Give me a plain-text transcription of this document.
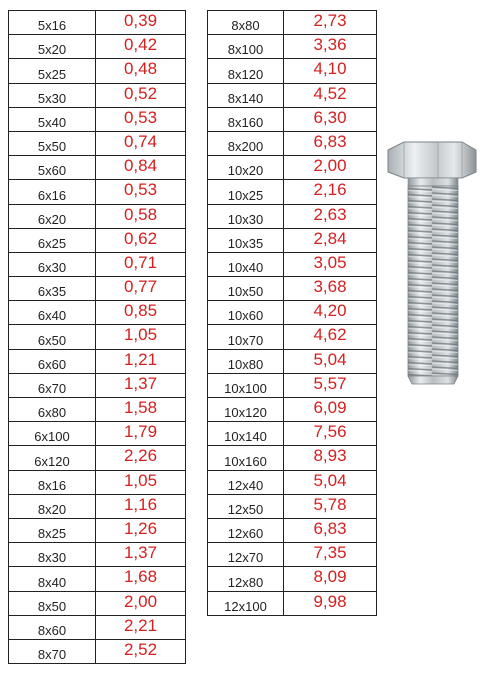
5x16	0,39
5x20	0,42
5x25	0,48
5x30	0,52
5x40	0,53
5x50	0,74
5x60	0,84
6x16	0,53
6x20	0,58
6x25	0,62
6x30	0,71
6x35	0,77
6x40	0,85
6x50	1,05
6x60	1,21
6x70	1,37
6x80	1,58
6x100	1,79
6x120	2,26
8x16	1,05
8x20	1,16
8x25	1,26
8x30	1,37
8x40	1,68
8x50	2,00
8x60	2,21
8x70	2,52
8x80	2,73
8x100	3,36
8x120	4,10
8x140	4,52
8x160	6,30
8x200	6,83
10x20	2,00
10x25	2,16
10x30	2,63
10x35	2,84
10x40	3,05
10x50	3,68
10x60	4,20
10x70	4,62
10x80	5,04
10x100	5,57
10x120	6,09
10x140	7,56
10x160	8,93
12x40	5,04
12x50	5,78
12x60	6,83
12x70	7,35
12x80	8,09
12x100	9,98
